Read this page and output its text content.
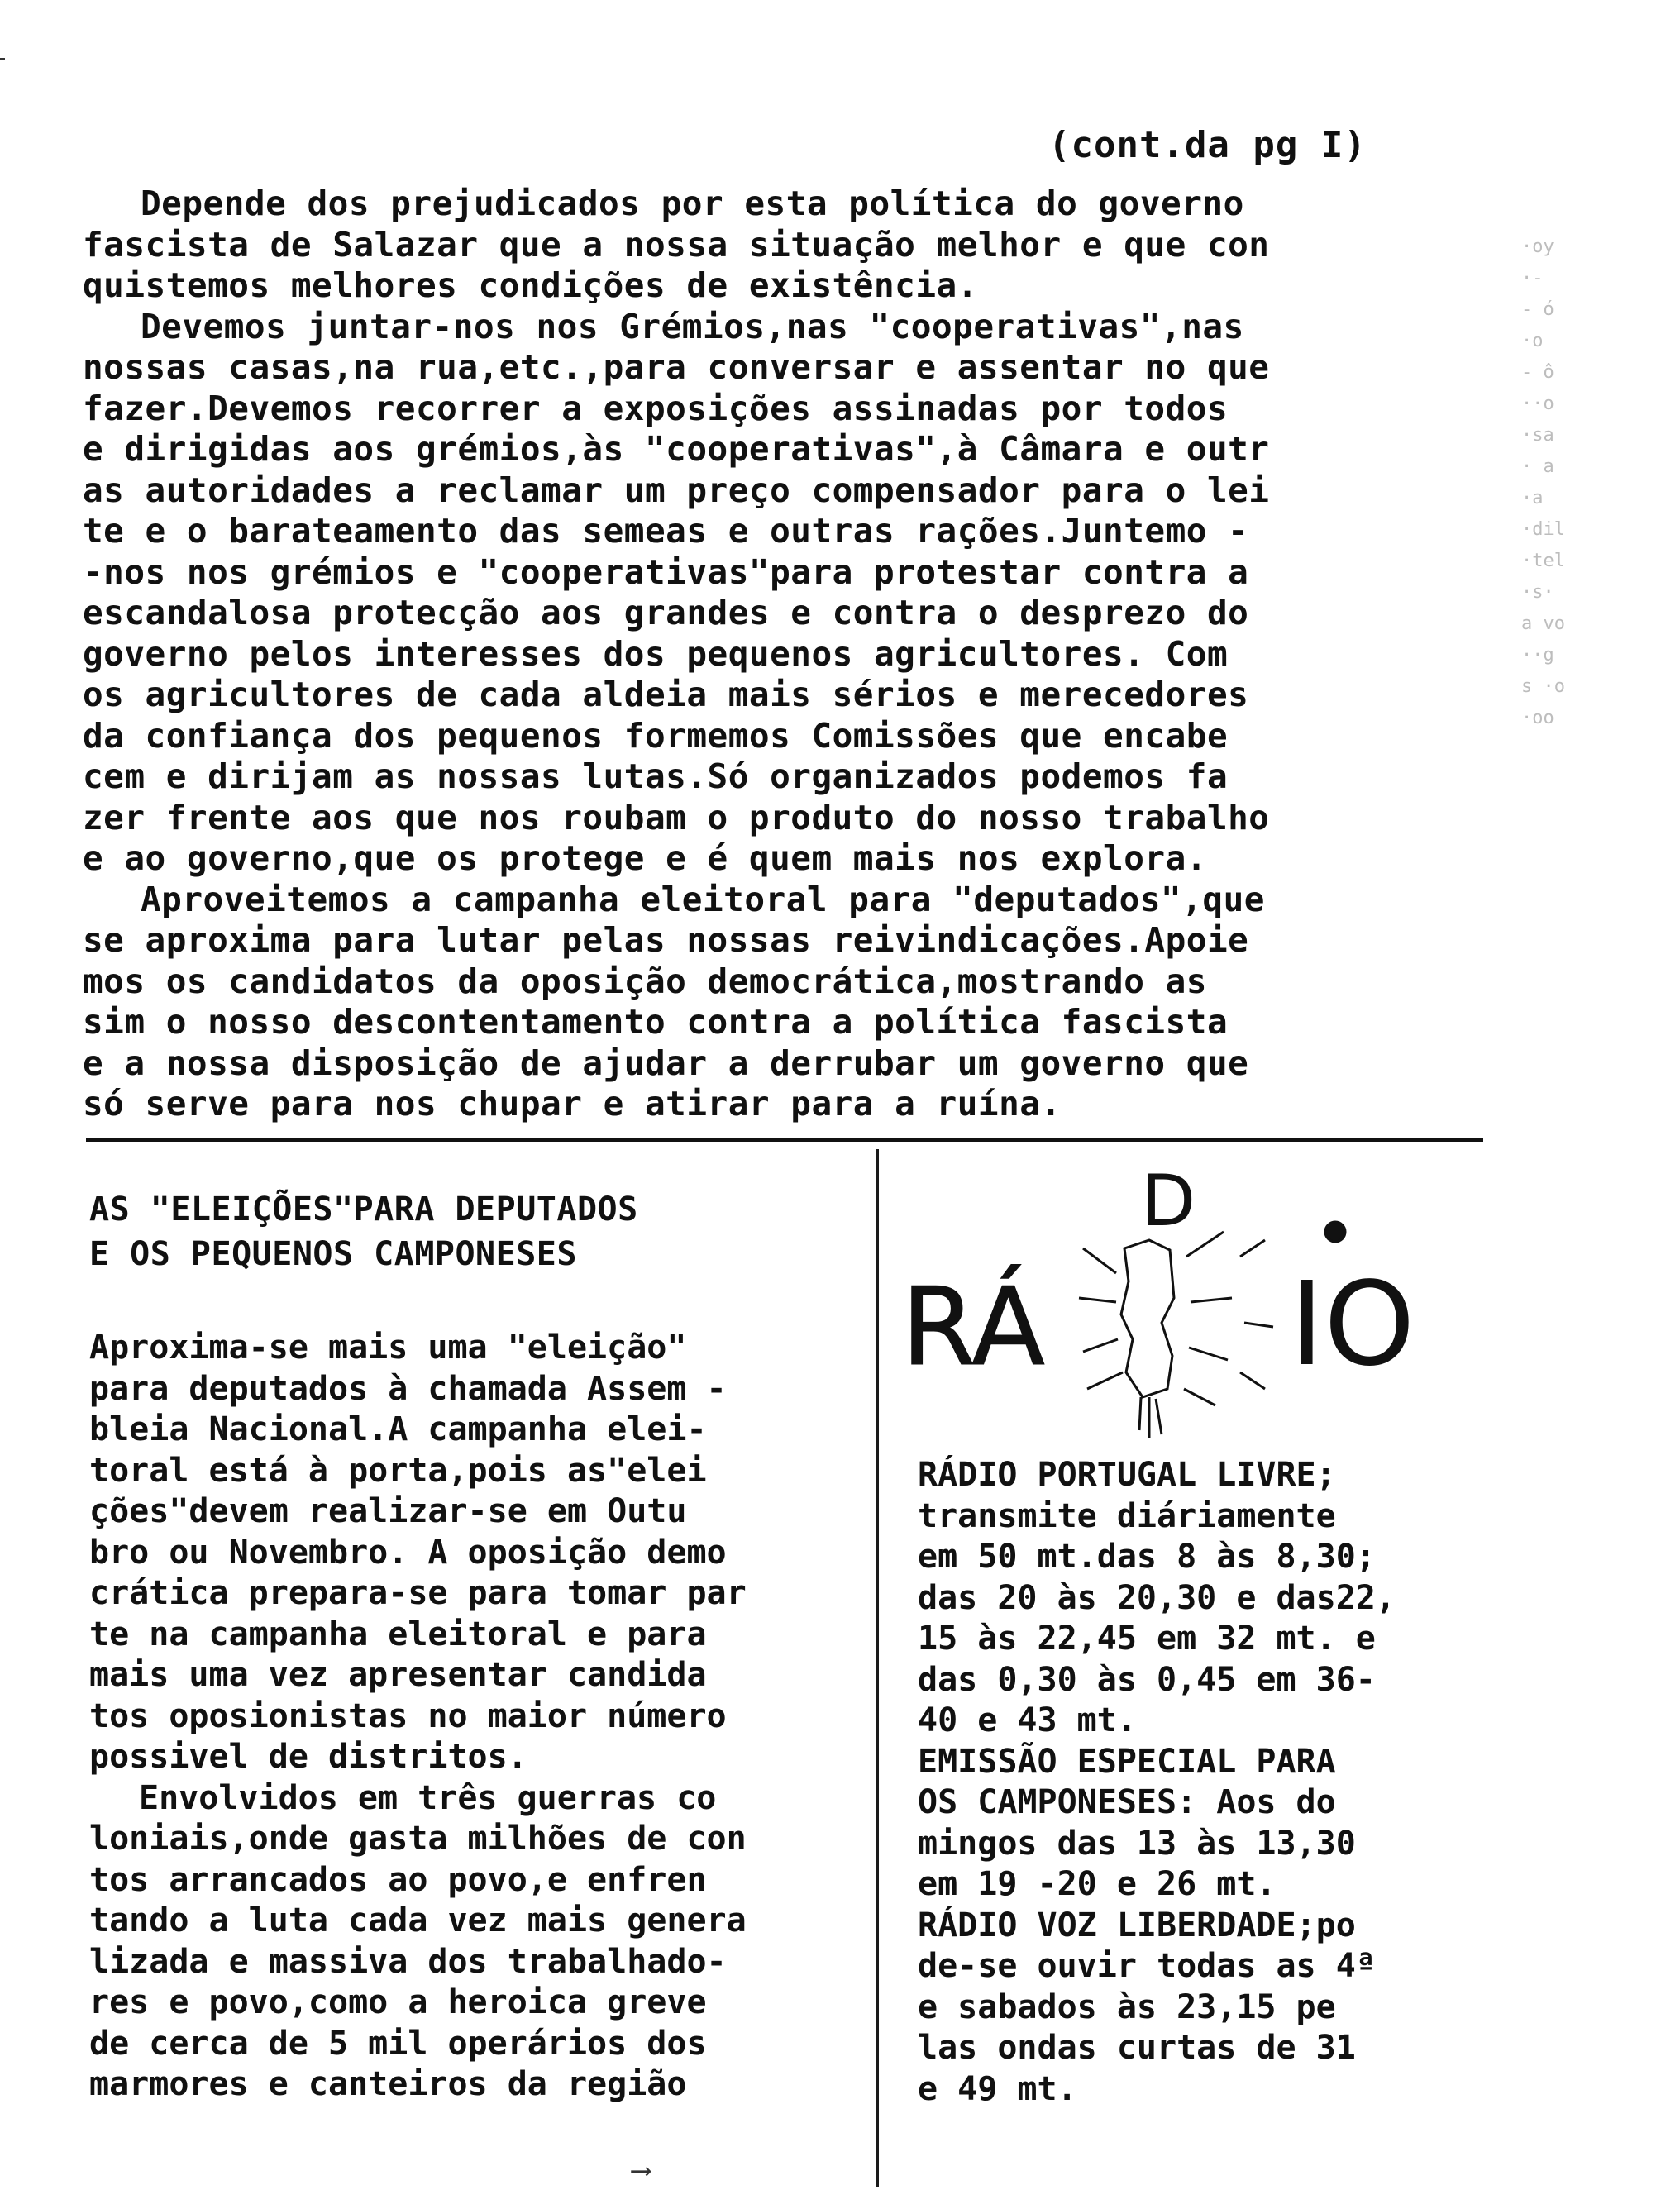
(cont.da pg I)
Depende dos prejudicados por esta política do governo
fascista de Salazar que a nossa situação melhor e que con
quistemos melhores condições de existência.
Devemos juntar-nos nos Grémios,nas "cooperativas",nas
nossas casas,na rua,etc.,para conversar e assentar no que
fazer.Devemos recorrer a exposições assinadas por todos
e dirigidas aos grémios,às "cooperativas",à Câmara e outr
as autoridades a reclamar um preço compensador para o lei
te e o barateamento das semeas e outras rações.Juntemo -
-nos nos grémios e "cooperativas"para protestar contra a
escandalosa protecção aos grandes e contra o desprezo do
governo pelos interesses dos pequenos agricultores. Com
os agricultores de cada aldeia mais sérios e merecedores
da confiança dos pequenos formemos Comissões que encabe
cem e dirijam as nossas lutas.Só organizados podemos fa
zer frente aos que nos roubam o produto do nosso trabalho
e ao governo,que os protege e é quem mais nos explora.
Aproveitemos a campanha eleitoral para "deputados",que
se aproxima para lutar pelas nossas reivindicações.Apoie
mos os candidatos da oposição democrática,mostrando as
sim o nosso descontentamento contra a política fascista
e a nossa disposição de ajudar a derrubar um governo que
só serve para nos chupar e atirar para a ruína.
AS "ELEIÇÕES"PARA DEPUTADOS
E OS PEQUENOS CAMPONESES
Aproxima-se mais uma "eleição"
para deputados à chamada Assem -
bleia Nacional.A campanha elei-
toral está à porta,pois as"elei
ções"devem realizar-se em Outu
bro ou Novembro. A oposição demo
crática prepara-se para tomar par
te na campanha eleitoral e para
mais uma vez apresentar candida
tos oposionistas no maior número
possivel de distritos.
Envolvidos em três guerras co
loniais,onde gasta milhões de con
tos arrancados ao povo,e enfren
tando a luta cada vez mais genera
lizada e massiva dos trabalhado-
res e povo,como a heroica greve
de cerca de 5 mil operários dos
marmores e canteiros da região
RÁ
D
IO
RÁDIO PORTUGAL LIVRE;
transmite diáriamente
em 50 mt.das 8 às 8,30;
das 20 às 20,30 e das22,
15 às 22,45 em 32 mt. e
das 0,30 às 0,45 em 36-
40 e 43 mt.
EMISSÃO ESPECIAL PARA
OS CAMPONESES: Aos do
mingos das 13 às 13,30
em 19 -20 e 26 mt.
RÁDIO VOZ LIBERDADE;po
de-se ouvir todas as 4ª
e sabados às 23,15 pe
las ondas curtas de 31
e 49 mt.
·oy
·-
- ó
·o
- ô
··o
·sa
· a
·a
·dil
·tel
·s·
a vo
··g
s ·o
·oo
⟶
